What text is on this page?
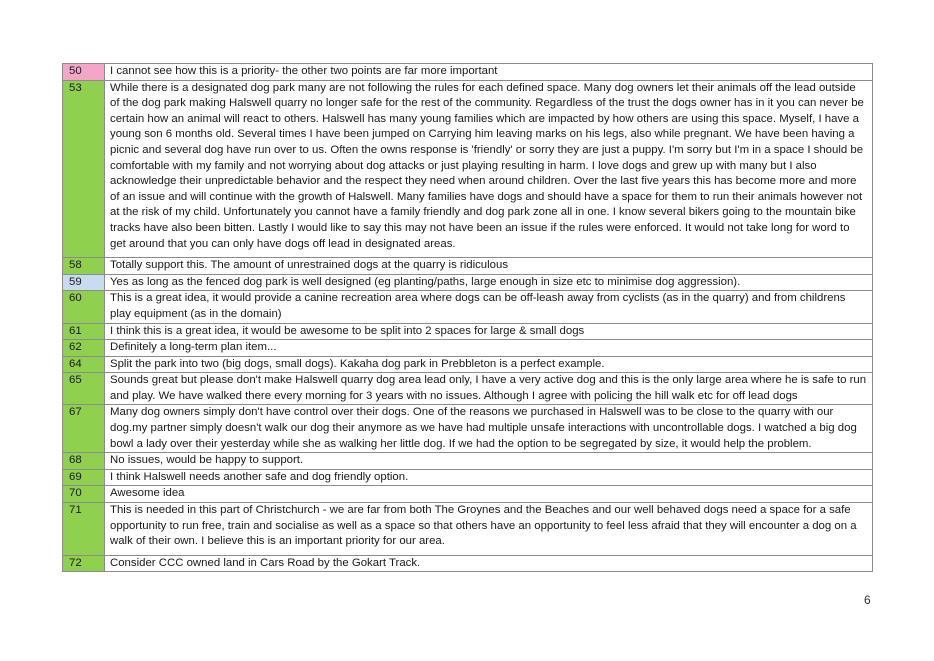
50	I cannot see how this is a priority- the other two points are far more important
53	While there is a designated dog park many are not following the rules for each defined space. Many dog owners let their animals off the lead outside of the dog park making Halswell quarry no longer safe for the rest of the community. Regardless of the trust the dogs owner has in it you can never be certain how an animal will react to others. Halswell has many young families which are impacted by how others are using this space. Myself, I have a young son 6 months old. Several times I have been jumped on Carrying him leaving marks on his legs, also while pregnant. We have been having a picnic and several dog have run over to us. Often the owns response is 'friendly' or sorry they are just a puppy. I'm sorry but I'm in a space I should be comfortable with my family and not worrying about dog attacks or just playing resulting in harm. I love dogs and grew up with many but I also acknowledge their unpredictable behavior and the respect they need when around children. Over the last five years this has become more and more of an issue and will continue with the growth of Halswell. Many families have dogs and should have a space for them to run their animals however not at the risk of my child. Unfortunately you cannot have a family friendly and dog park zone all in one. I know several bikers going to the mountain bike tracks have also been bitten. Lastly I would like to say this may not have been an issue if the rules were enforced. It would not take long for word to get around that you can only have dogs off lead in designated areas.
58	Totally support this. The amount of unrestrained dogs at the quarry is ridiculous
59	Yes as long as the fenced dog park is well designed (eg planting/paths, large enough in size etc to minimise dog aggression).
60	This is a great idea, it would provide a canine recreation area where dogs can be off-leash away from cyclists (as in the quarry) and from childrens play equipment (as in the domain)
61	I think this is a great idea, it would be awesome to be split into 2 spaces for large & small dogs
62	Definitely a long-term plan item...
64	Split the park into two (big dogs, small dogs). Kakaha dog park in Prebbleton is a perfect example.
65	Sounds great but please don't make Halswell quarry dog area lead only, I have a very active dog and this is the only large area where he is safe to run and play. We have walked there every morning for 3 years with no issues. Although I agree with policing the hill walk etc for off lead dogs
67	Many dog owners simply don't have control over their dogs. One of the reasons we purchased in Halswell was to be close to the quarry with our dog.my partner simply doesn't walk our dog their anymore as we have had multiple unsafe interactions with uncontrollable dogs. I watched a big dog bowl a lady over their yesterday while she as walking her little dog. If we had the option to be segregated by size, it would help the problem.
68	No issues, would be happy to support.
69	I think Halswell needs another safe and dog friendly option.
70	Awesome idea
71	This is needed in this part of Christchurch - we are far from both The Groynes and the Beaches and our well behaved dogs need a space for a safe opportunity to run free, train and socialise as well as a space so that others have an opportunity to feel less afraid that they will encounter a dog on a walk of their own. I believe this is an important priority for our area.
72	Consider CCC owned land in Cars Road by the Gokart Track.
6
